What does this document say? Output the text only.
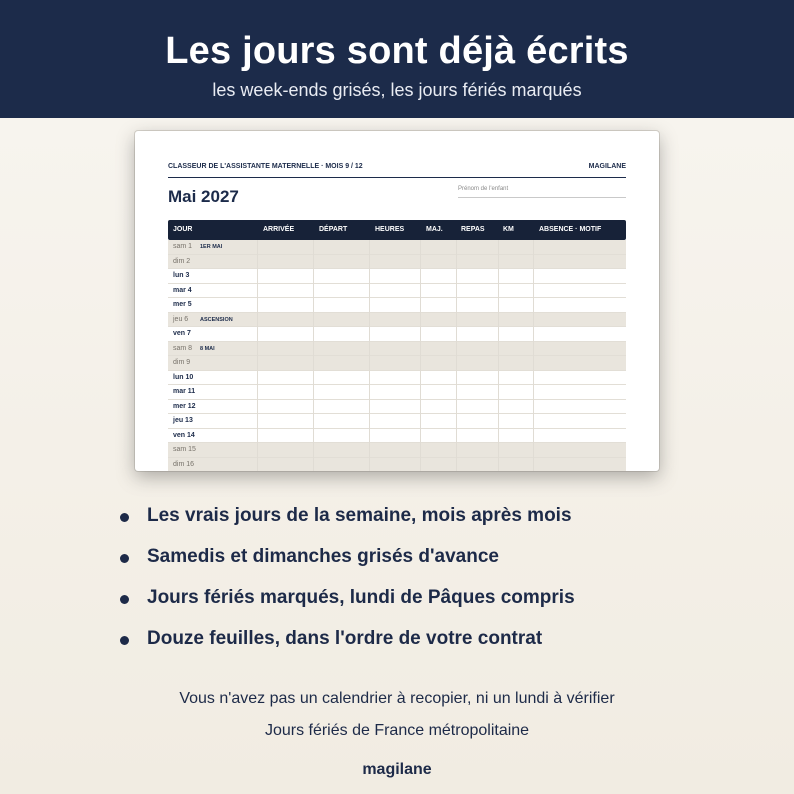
Les jours sont déjà écrits
les week-ends grisés, les jours fériés marqués
CLASSEUR DE L'ASSISTANTE MATERNELLE · MOIS 9 / 12	MAGILANE
Mai 2027	Prénom de l'enfant
JOUR	ARRIVÉE	DÉPART	HEURES	MAJ.	REPAS	KM	ABSENCE · MOTIF
sam 1 1ER MAI
dim 2
lun 3
mar 4
mer 5
jeu 6 ASCENSION
ven 7
sam 8 8 MAI
dim 9
lun 10
mar 11
mer 12
jeu 13
ven 14
sam 15
dim 16
Les vrais jours de la semaine, mois après mois
Samedis et dimanches grisés d'avance
Jours fériés marqués, lundi de Pâques compris
Douze feuilles, dans l'ordre de votre contrat
Vous n'avez pas un calendrier à recopier, ni un lundi à vérifier
Jours fériés de France métropolitaine
magilane
